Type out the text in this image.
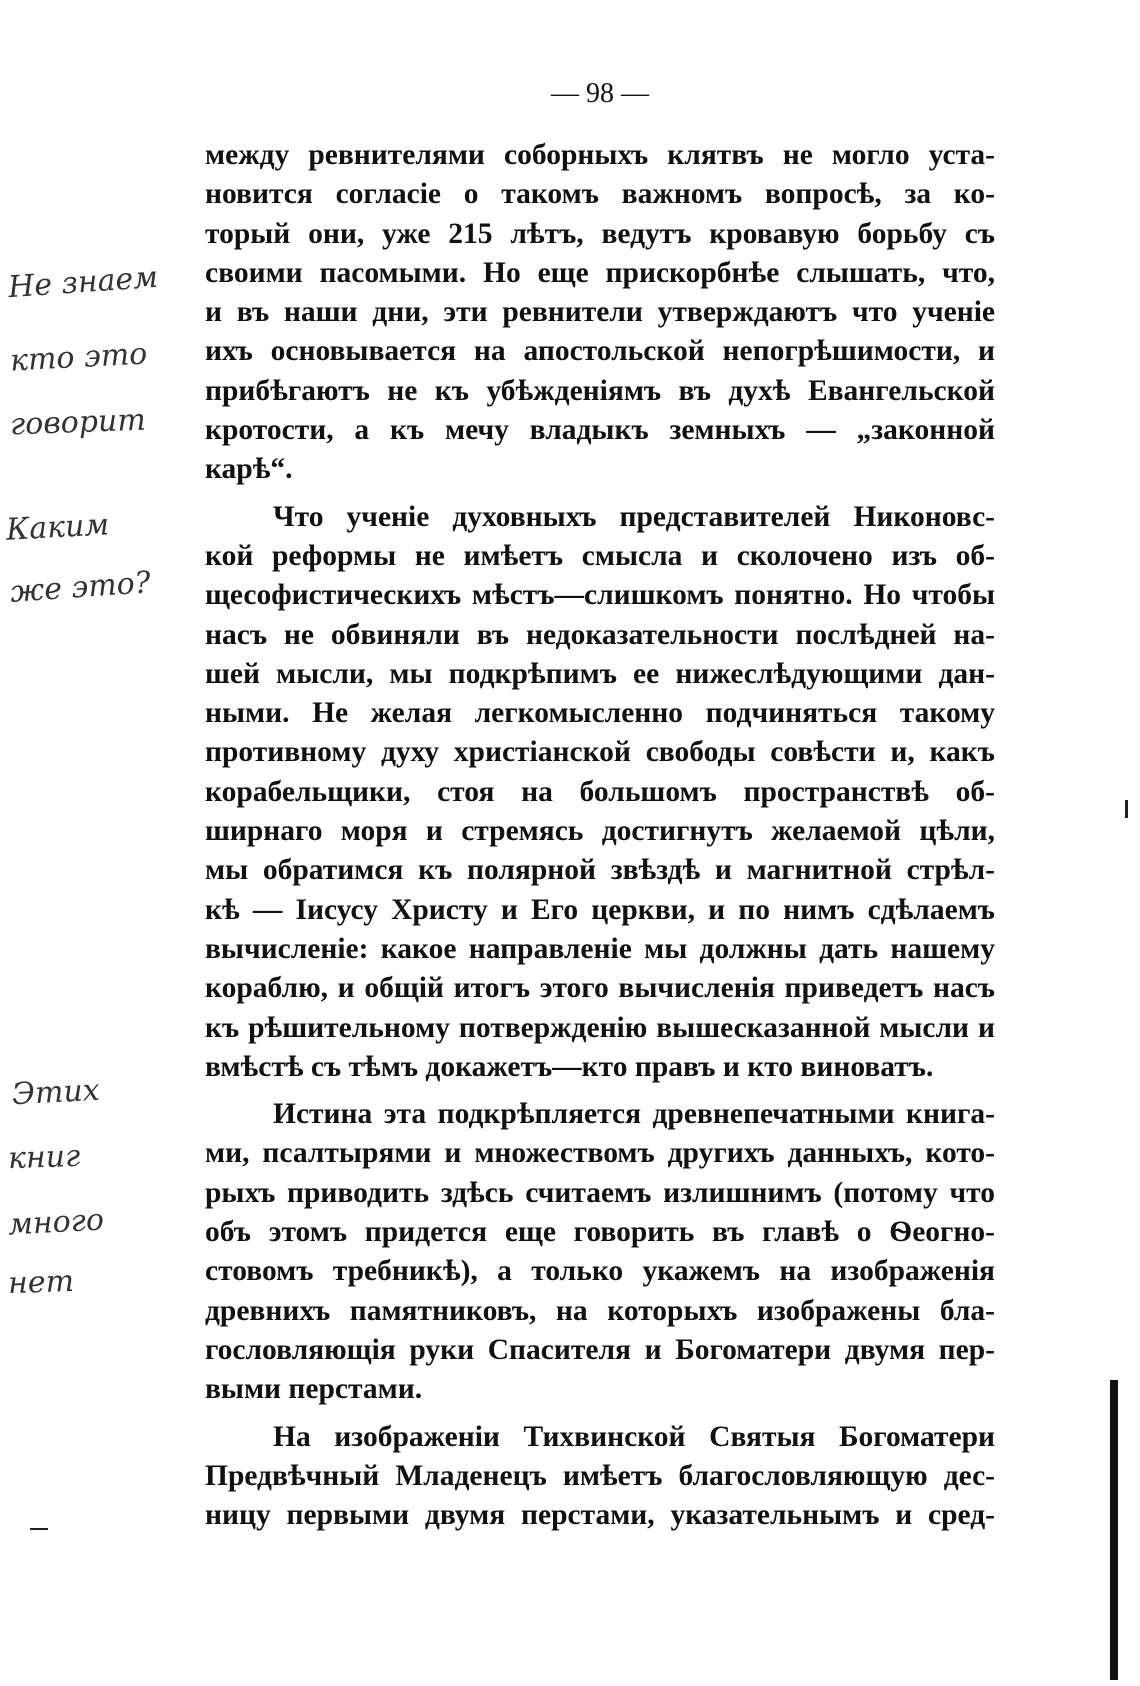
— 98 —
между ревнителями соборныхъ клятвъ не могло уста-
новится согласіе о такомъ важномъ вопросѣ, за ко-
торый они, уже 215 лѣтъ, ведутъ кровавую борьбу съ
своими пасомыми. Но еще прискорбнѣе слышать, что,
и въ наши дни, эти ревнители утверждаютъ что ученіе
ихъ основывается на апостольской непогрѣшимости, и
прибѣгаютъ не къ убѣжденіямъ въ духѣ Евангельской
кротости, а къ мечу владыкъ земныхъ — „законной
карѣ“.
Что ученіе духовныхъ представителей Никоновс-
кой реформы не имѣетъ смысла и сколочено изъ об-
щесофистическихъ мѣстъ—слишкомъ понятно. Но чтобы
насъ не обвиняли въ недоказательности послѣдней на-
шей мысли, мы подкрѣпимъ ее нижеслѣдующими дан-
ными. Не желая легкомысленно подчиняться такому
противному духу христіанской свободы совѣсти и, какъ
корабельщики, стоя на большомъ пространствѣ об-
ширнаго моря и стремясь достигнутъ желаемой цѣли,
мы обратимся къ полярной звѣздѣ и магнитной стрѣл-
кѣ — Іисусу Христу и Его церкви, и по нимъ сдѣлаемъ
вычисленіе: какое направленіе мы должны дать нашему
кораблю, и общій итогъ этого вычисленія приведетъ насъ
къ рѣшительному потвержденію вышесказанной мысли и
вмѣстѣ съ тѣмъ докажетъ—кто правъ и кто виноватъ.
Истина эта подкрѣпляется древнепечатными книга-
ми, псалтырями и множествомъ другихъ данныхъ, кото-
рыхъ приводить здѣсь считаемъ излишнимъ (потому что
объ этомъ придется еще говорить въ главѣ о Ѳеогно-
стовомъ требникѣ), а только укажемъ на изображенія
древнихъ памятниковъ, на которыхъ изображены бла-
гословляющія руки Спасителя и Богоматери двумя пер-
выми перстами.
На изображеніи Тихвинской Святыя Богоматери
Предвѣчный Младенецъ имѣетъ благословляющую дес-
ницу первыми двумя перстами, указательнымъ и сред-
Не знаем
кто это
говорит
Каким
же это?
Этих
книг
много
нет
